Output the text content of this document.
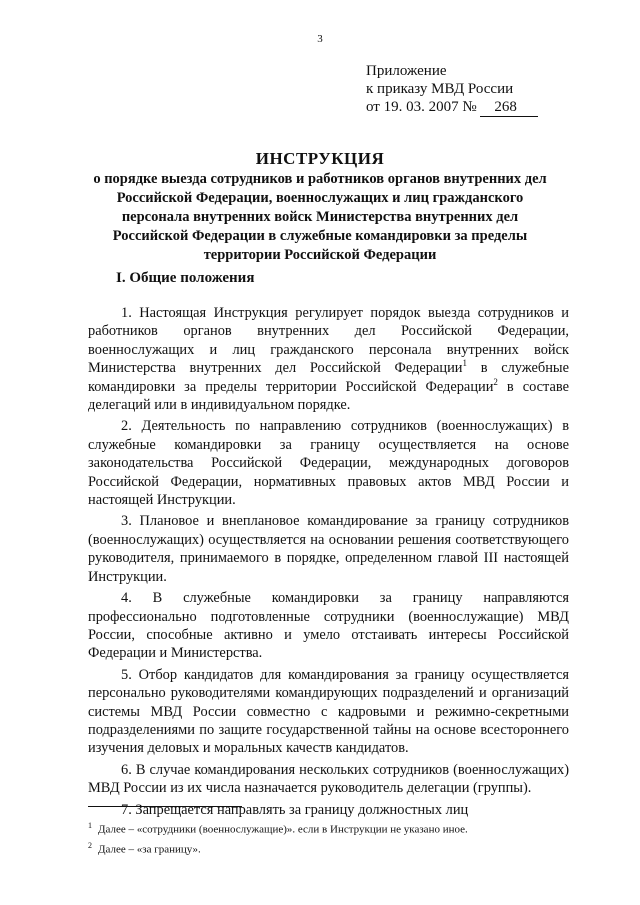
3
Приложение
к приказу МВД России
от 19. 03. 2007 № 268
ИНСТРУКЦИЯ
о порядке выезда сотрудников и работников органов внутренних дел
Российской Федерации, военнослужащих и лиц гражданского
персонала внутренних войск Министерства внутренних дел
Российской Федерации в служебные командировки за пределы
территории Российской Федерации
I. Общие положения

1. Настоящая Инструкция регулирует порядок выезда сотрудников и работников органов внутренних дел Российской Федерации, военнослужащих и лиц гражданского персонала внутренних войск Министерства внутренних дел Российской Федерации$^1$ в служебные командировки за пределы территории Российской Федерации$^2$ в составе делегаций или в индивидуальном порядке.

2. Деятельность по направлению сотрудников (военнослужащих) в служебные командировки за границу осуществляется на основе законодательства Российской Федерации, международных договоров Российской Федерации, нормативных правовых актов МВД России и настоящей Инструкции.

3. Плановое и внеплановое командирование за границу сотрудников (военнослужащих) осуществляется на основании решения соответствующего руководителя, принимаемого в порядке, определенном главой III настоящей Инструкции.

4. В служебные командировки за границу направляются профессионально подготовленные сотрудники (военнослужащие) МВД России, способные активно и умело отстаивать интересы Российской Федерации и Министерства.

5. Отбор кандидатов для командирования за границу осуществляется персонально руководителями командирующих подразделений и организаций системы МВД России совместно с кадровыми и режимно-секретными подразделениями по защите государственной тайны на основе всестороннего изучения деловых и моральных качеств кандидатов.

6. В случае командирования нескольких сотрудников (военнослужащих) МВД России из их числа назначается руководитель делегации (группы).

7. Запрещается направлять за границу должностных лиц

$^1$ Далее – «сотрудники (военнослужащие)». если в Инструкции не указано иное.
$^2$ Далее – «за границу».
